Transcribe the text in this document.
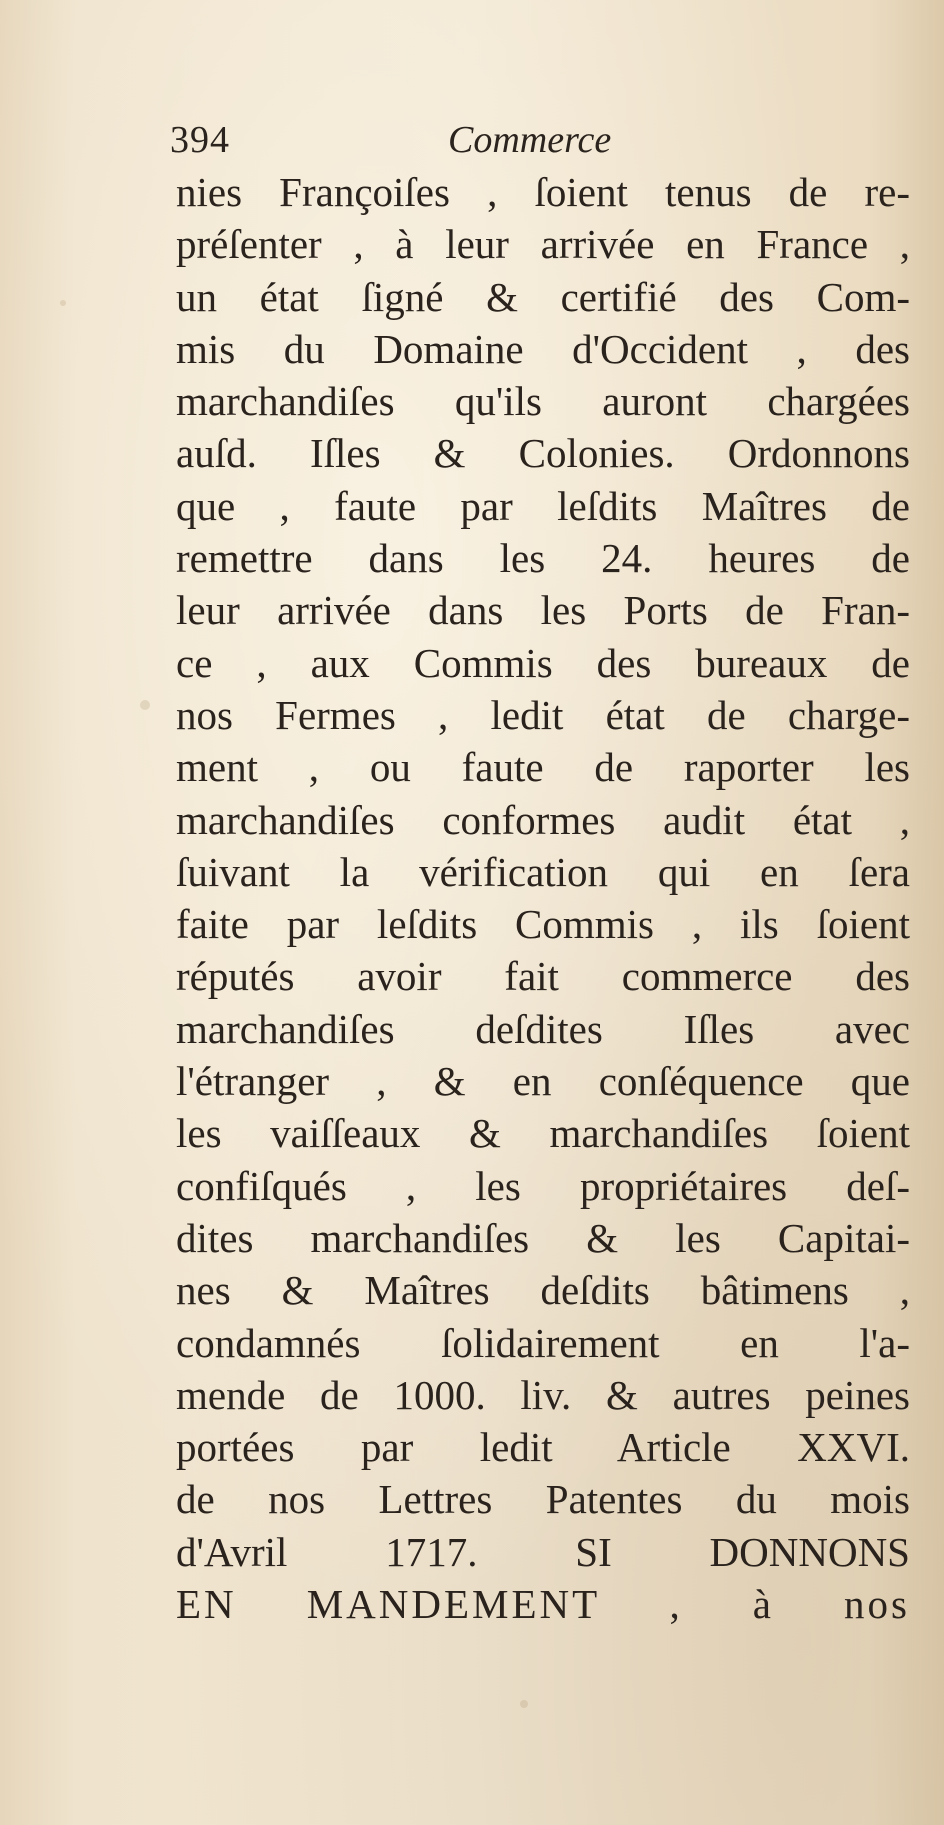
394	Commerce
nies Françoiſes , ſoient tenus de re-
préſenter , à leur arrivée en France ,
un état ſigné & certifié des Com-
mis du Domaine d'Occident , des
marchandiſes qu'ils auront chargées
auſd. Iſles & Colonies. Ordonnons
que , faute par leſdits Maîtres de
remettre dans les 24. heures de
leur arrivée dans les Ports de Fran-
ce , aux Commis des bureaux de
nos Fermes , ledit état de charge-
ment , ou faute de raporter les
marchandiſes conformes audit état ,
ſuivant la vérification qui en ſera
faite par leſdits Commis , ils ſoient
réputés avoir fait commerce des
marchandiſes deſdites Iſles avec
l'étranger , & en conſéquence que
les vaiſſeaux & marchandiſes ſoient
confiſqués , les propriétaires deſ-
dites marchandiſes & les Capitai-
nes & Maîtres deſdits bâtimens ,
condamnés ſolidairement en l'a-
mende de 1000. liv. & autres peines
portées par ledit Article XXVI.
de nos Lettres Patentes du mois
d'Avril 1717. SI DONNONS
EN MANDEMENT , à nos
